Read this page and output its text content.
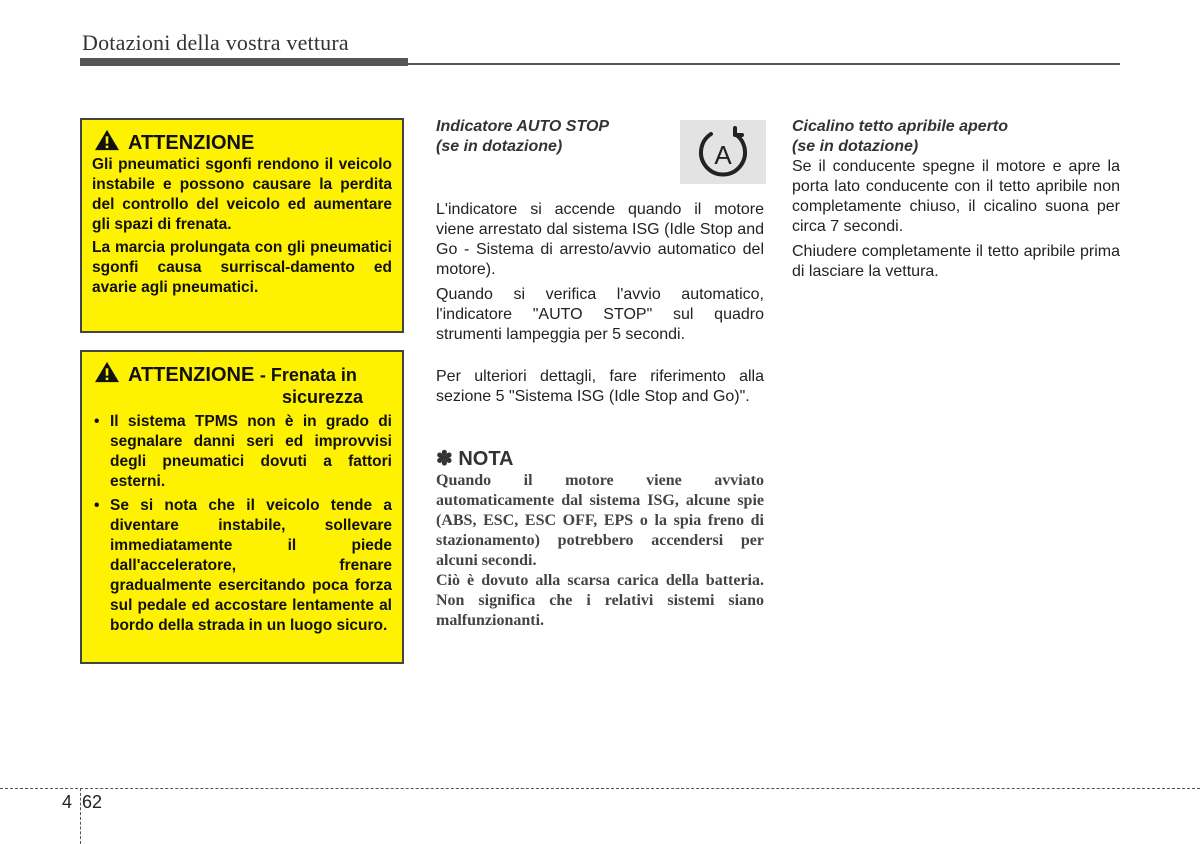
Dotazioni della vostra vettura
ATTENZIONE

Gli pneumatici sgonfi rendono il veicolo instabile e possono causare la perdita del controllo del veicolo ed aumentare gli spazi di frenata.

La marcia prolungata con gli pneumatici sgonfi causa surriscal-damento ed avarie agli pneumatici.

ATTENZIONE - Frenata in
sicurezza
• Il sistema TPMS non è in grado di segnalare danni seri ed improvvisi degli pneumatici dovuti a fattori esterni.
• Se si nota che il veicolo tende a diventare instabile, sollevare immediatamente il piede dall'acceleratore, frenare gradualmente esercitando poca forza sul pedale ed accostare lentamente al bordo della strada in un luogo sicuro.
Indicatore AUTO STOP
(se in dotazione)	A

L'indicatore si accende quando il motore viene arrestato dal sistema ISG (Idle Stop and Go - Sistema di arresto/avvio automatico del motore).

Quando si verifica l'avvio automatico, l'indicatore "AUTO STOP" sul quadro strumenti lampeggia per 5 secondi.

Per ulteriori dettagli, fare riferimento alla sezione 5 "Sistema ISG (Idle Stop and Go)".

✽ NOTA

Quando il motore viene avviato automaticamente dal sistema ISG, alcune spie (ABS, ESC, ESC OFF, EPS o la spia freno di stazionamento) potrebbero accendersi per alcuni secondi.

Ciò è dovuto alla scarsa carica della batteria. Non significa che i relativi sistemi siano malfunzionanti.

Cicalino tetto apribile aperto
(se in dotazione)

Se il conducente spegne il motore e apre la porta lato conducente con il tetto apribile non completamente chiuso, il cicalino suona per circa 7 secondi.

Chiudere completamente il tetto apribile prima di lasciare la vettura.

4 62
